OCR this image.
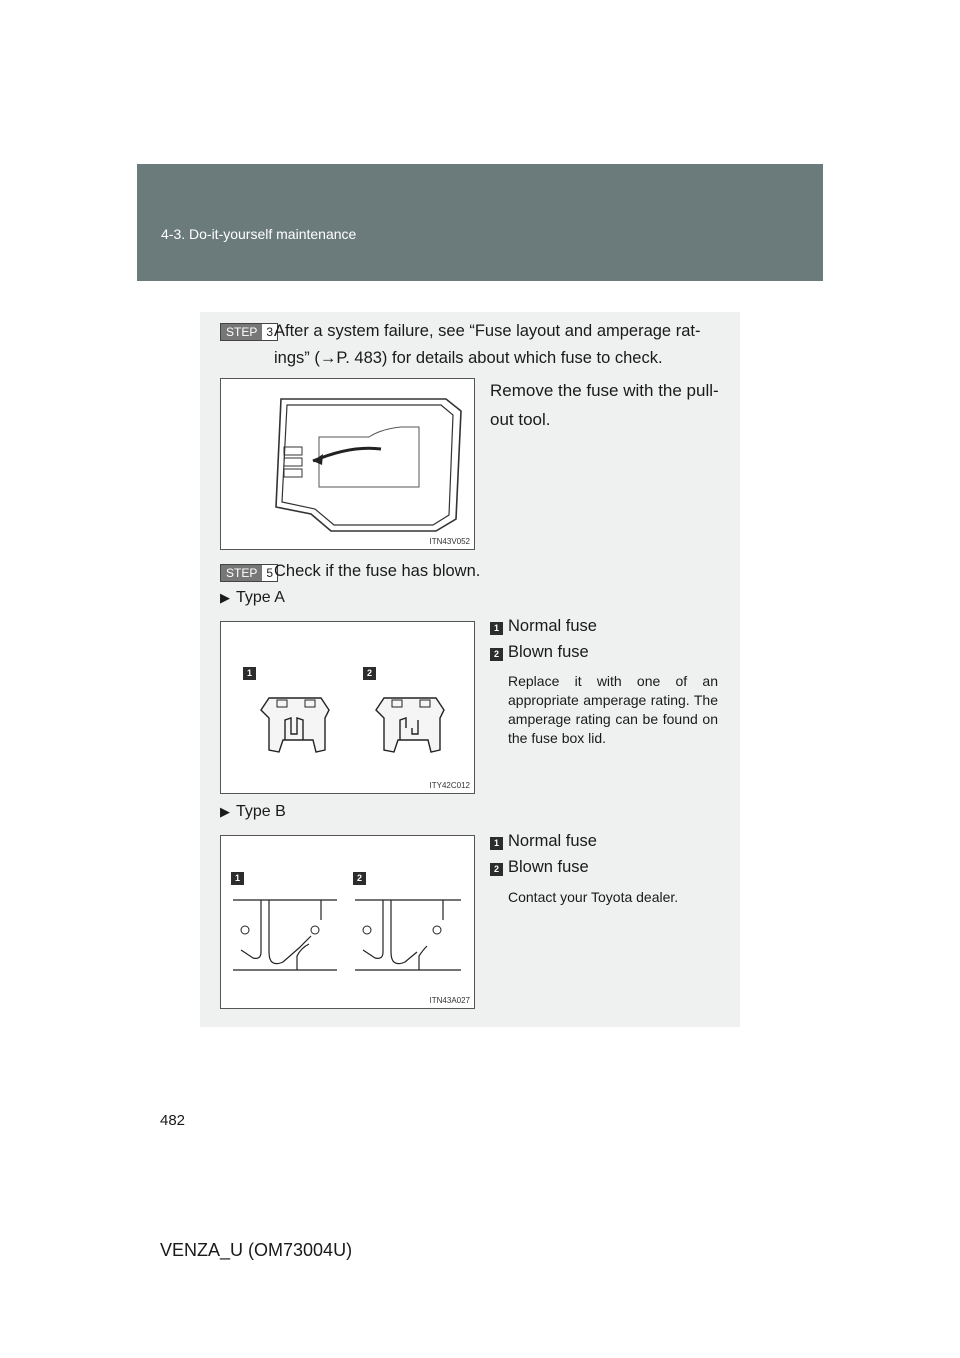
4-3. Do-it-yourself maintenance
STEP 3 After a system failure, see “Fuse layout and amperage rat-
ings” (→P. 483) for details about which fuse to check.
ITN43V052
Remove the fuse with the pull-
out tool.
STEP 5 Check if the fuse has blown.
▶ Type A
1	2
ITY42C012
1 Normal fuse
2 Blown fuse
Replace it with one of an appropriate amperage rating. The amperage rating can be found on the fuse box lid.
▶ Type B
1	2
ITN43A027
1 Normal fuse
2 Blown fuse
Contact your Toyota dealer.
482
VENZA_U (OM73004U)
